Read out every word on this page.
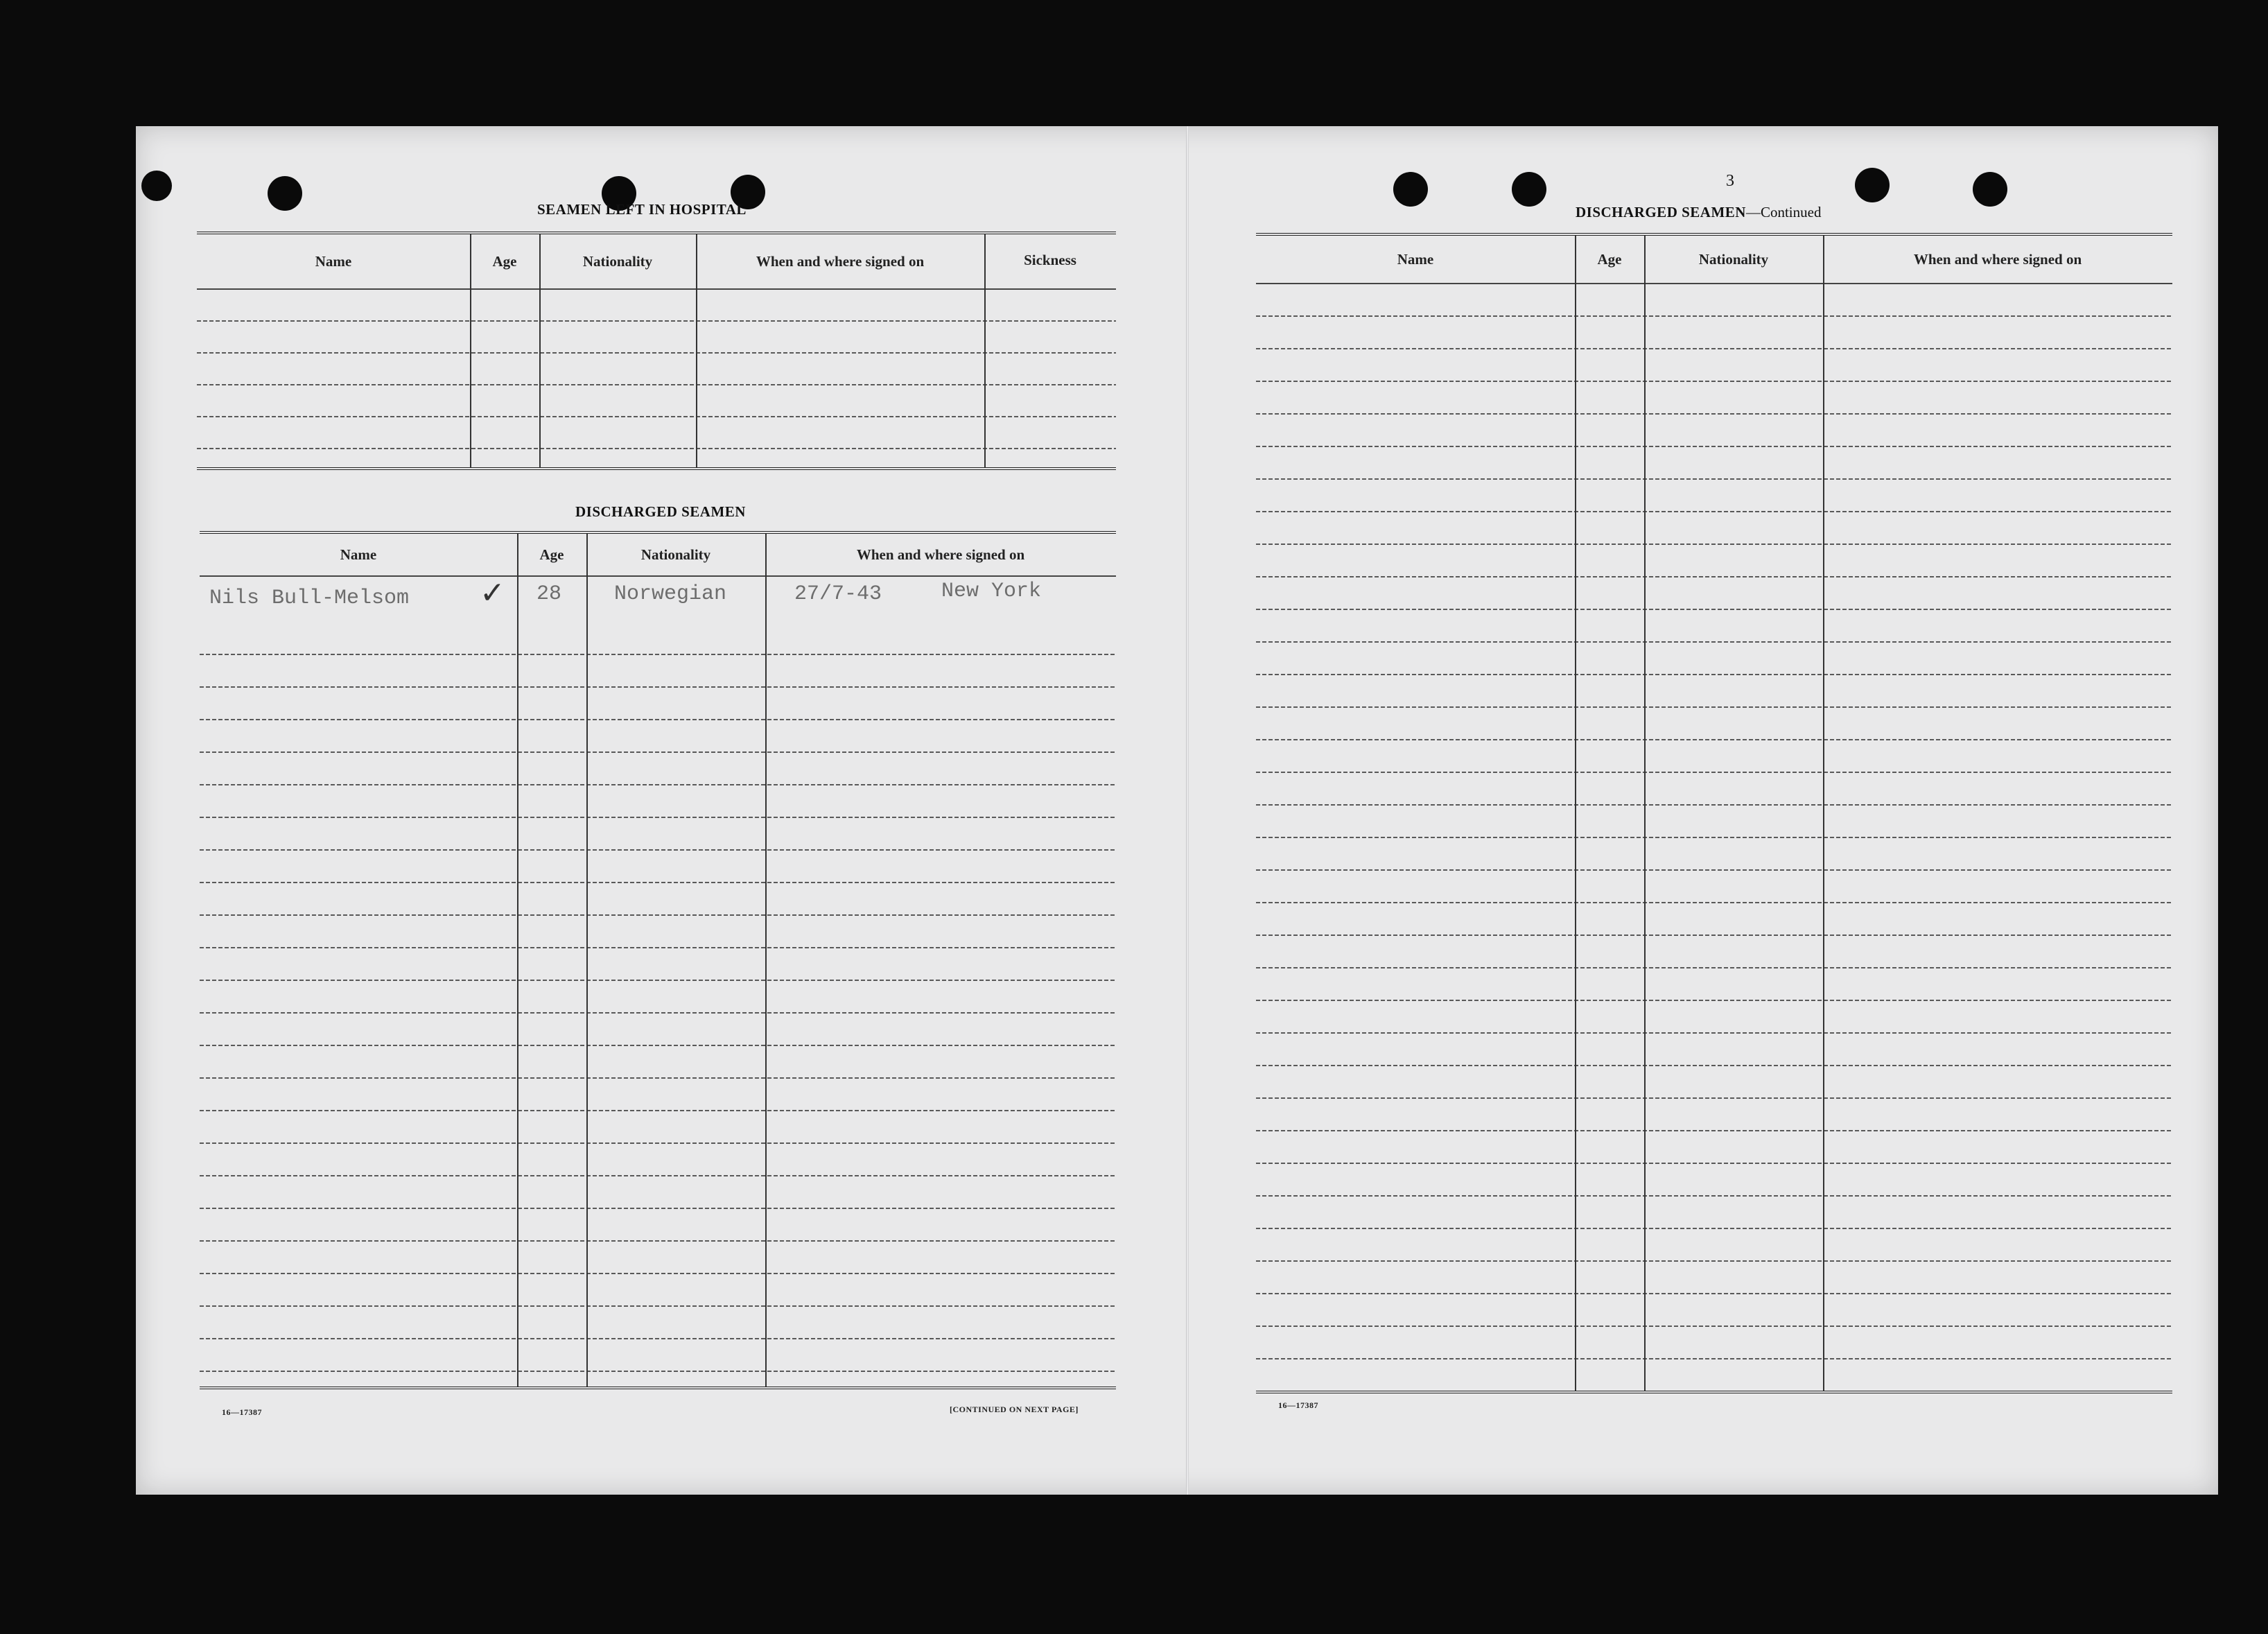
SEAMEN LEFT IN HOSPITAL
Name	Age	Nationality	When and where signed on	Sickness
DISCHARGED SEAMEN
Name	Age	Nationality	When and where signed on
Nils Bull-Melsom ✓ 28	Norwegian	27/7-43	New York
16—17387	[CONTINUED ON NEXT PAGE]
3
DISCHARGED SEAMEN—Continued
Name	Age	Nationality	When and where signed on
16—17387
